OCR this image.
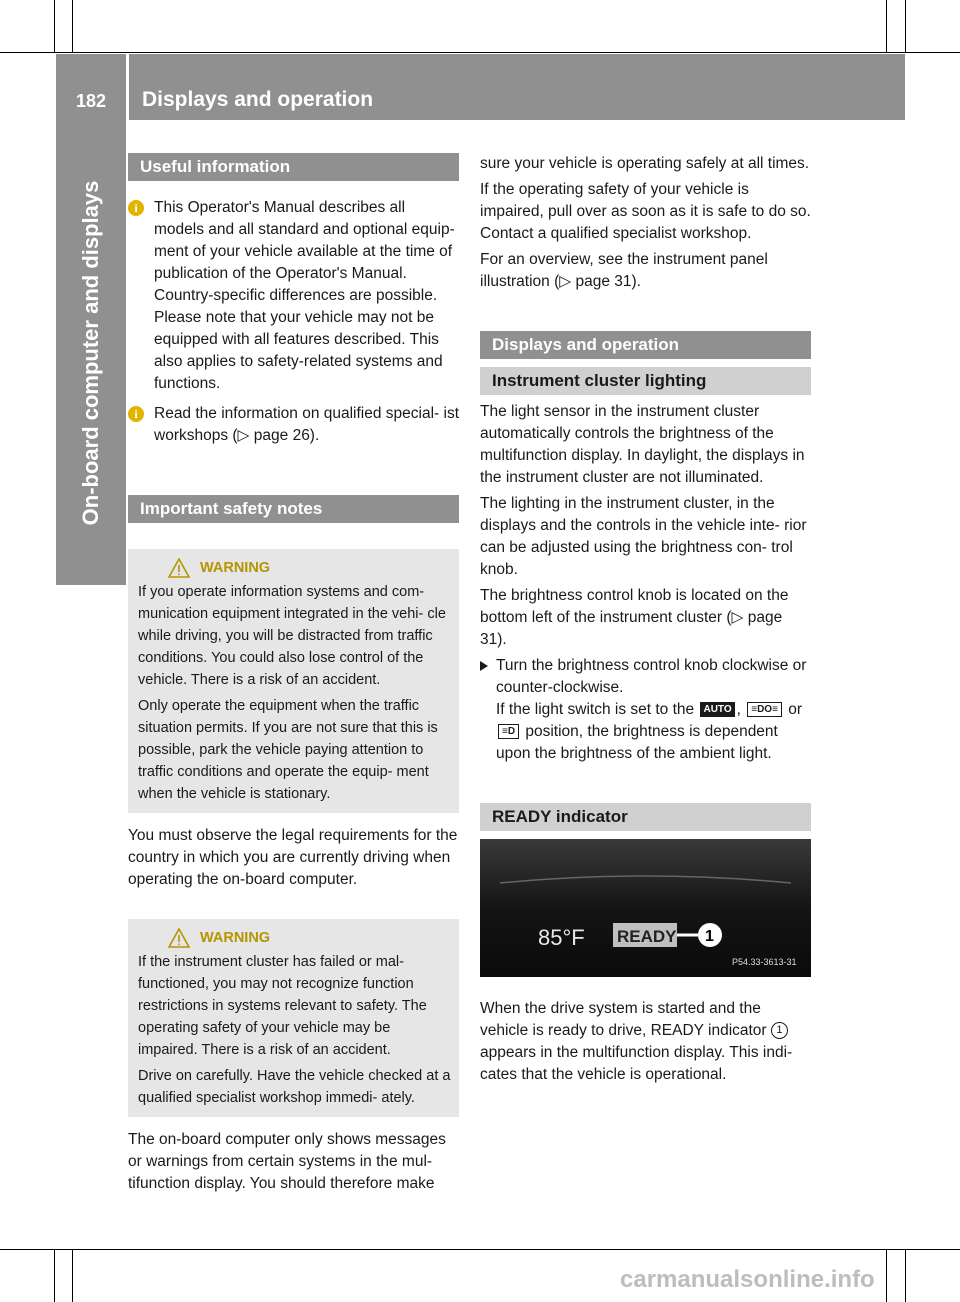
182	Displays and operation
On-board computer and displays
Useful information
i	This Operator's Manual describes all models and all standard and optional equip- ment of your vehicle available at the time of publication of the Operator's Manual. Country-specific differences are possible. Please note that your vehicle may not be equipped with all features described. This also applies to safety-related systems and functions.
i	Read the information on qualified special- ist workshops (▷ page 26).
Important safety notes
WARNING

If you operate information systems and com- munication equipment integrated in the vehi- cle while driving, you will be distracted from traffic conditions. You could also lose control of the vehicle. There is a risk of an accident.

Only operate the equipment when the traffic situation permits. If you are not sure that this is possible, park the vehicle paying attention to traffic conditions and operate the equip- ment when the vehicle is stationary.

You must observe the legal requirements for the country in which you are currently driving when operating the on-board computer.

WARNING

If the instrument cluster has failed or mal- functioned, you may not recognize function restrictions in systems relevant to safety. The operating safety of your vehicle may be impaired. There is a risk of an accident.

Drive on carefully. Have the vehicle checked at a qualified specialist workshop immedi- ately.

The on-board computer only shows messages or warnings from certain systems in the mul- tifunction display. You should therefore make

sure your vehicle is operating safely at all times.

If the operating safety of your vehicle is impaired, pull over as soon as it is safe to do so. Contact a qualified specialist workshop.

For an overview, see the instrument panel illustration (▷ page 31).

Displays and operation
Instrument cluster lighting

The light sensor in the instrument cluster automatically controls the brightness of the multifunction display. In daylight, the displays in the instrument cluster are not illuminated.

The lighting in the instrument cluster, in the displays and the controls in the vehicle inte- rior can be adjusted using the brightness con- trol knob.

The brightness control knob is located on the bottom left of the instrument cluster (▷ page 31).

Turn the brightness control knob clockwise or counter-clockwise.
If the light switch is set to the AUTO , ≡DO≡ or ≡D position, the brightness is dependent upon the brightness of the ambient light.
READY indicator
85°F READY 1
P54.33-3613-31

When the drive system is started and the vehicle is ready to drive, READY indicator 1 appears in the multifunction display. This indi- cates that the vehicle is operational.

carmanualsonline.info
